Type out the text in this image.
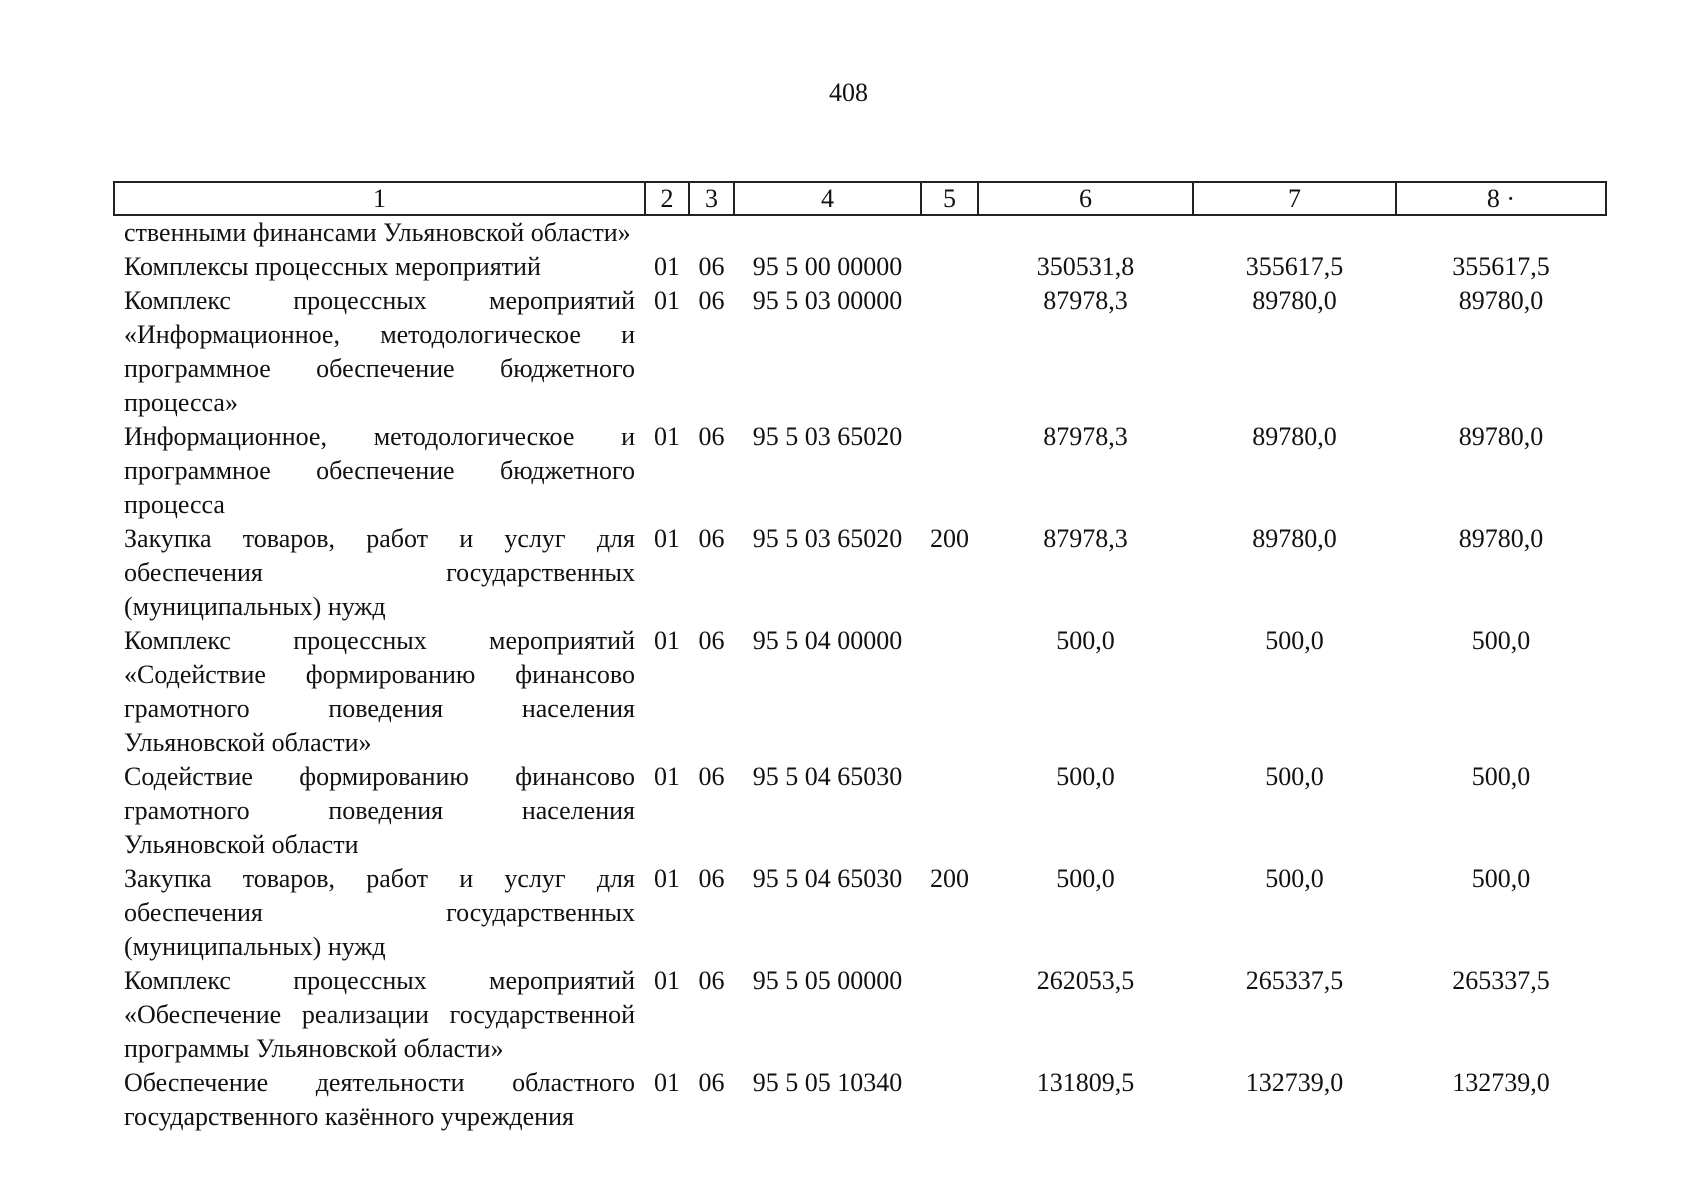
408
1	2	3	4	5	6	7	8 ·
ственными финансами Ульяновской области»							
Комплексы процессных мероприятий	01	06	95 5 00 00000		350531,8	355617,5	355617,5
Комплекс процессных мероприятий «Информационное, методологическое и программное обеспечение бюджетного процесса»	01	06	95 5 03 00000		87978,3	89780,0	89780,0
Информационное, методологическое и программное обеспечение бюджетного процесса	01	06	95 5 03 65020		87978,3	89780,0	89780,0
Закупка товаров, работ и услуг для обеспечения государственных (муниципальных) нужд	01	06	95 5 03 65020	200	87978,3	89780,0	89780,0
Комплекс процессных мероприятий «Содействие формированию финансово грамотного поведения населения Ульяновской области»	01	06	95 5 04 00000		500,0	500,0	500,0
Содействие формированию финансово грамотного поведения населения Ульяновской области	01	06	95 5 04 65030		500,0	500,0	500,0
Закупка товаров, работ и услуг для обеспечения государственных (муниципальных) нужд	01	06	95 5 04 65030	200	500,0	500,0	500,0
Комплекс процессных мероприятий «Обеспечение реализации государственной программы Ульяновской области»	01	06	95 5 05 00000		262053,5	265337,5	265337,5
Обеспечение деятельности областного государственного казённого учреждения	01	06	95 5 05 10340		131809,5	132739,0	132739,0
